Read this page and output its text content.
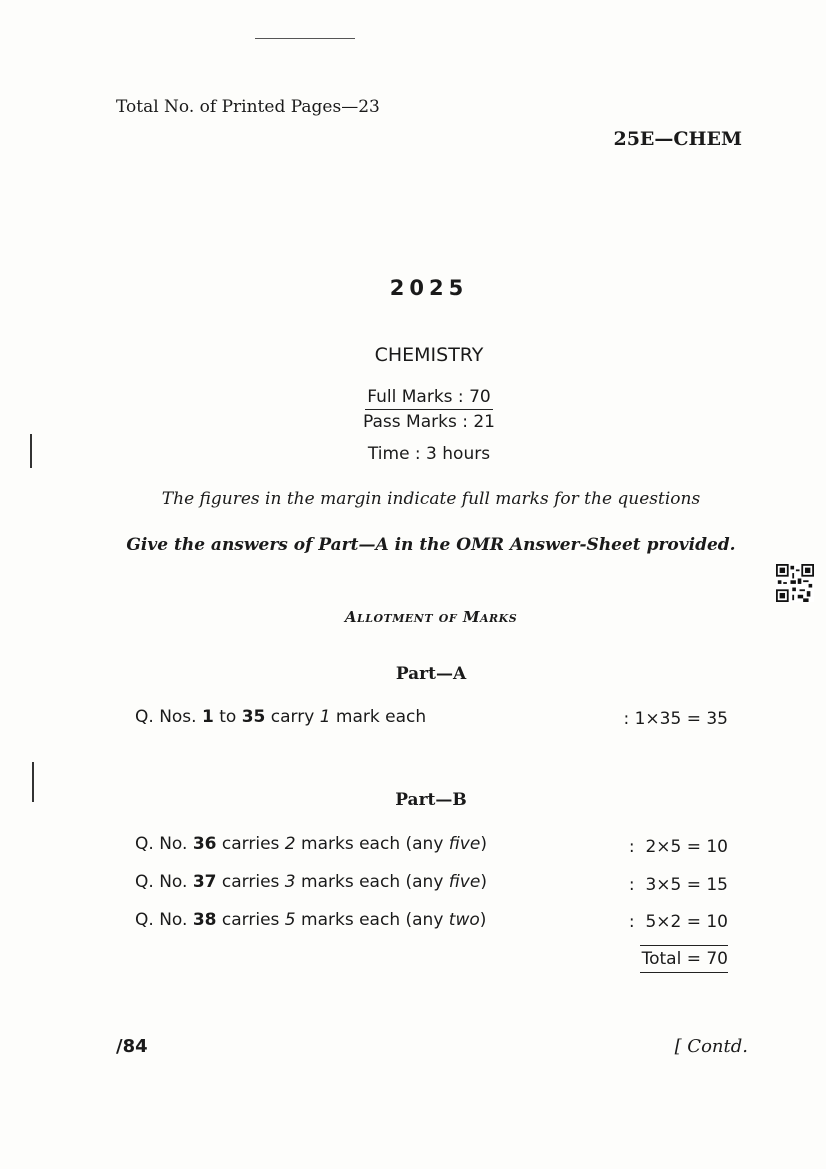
Total No. of Printed Pages—23
25E—CHEM
2025
CHEMISTRY
Full Marks : 70
Pass Marks : 21
Time : 3 hours
The figures in the margin indicate full marks for the questions
Give the answers of Part—A in the OMR Answer-Sheet provided.
Allotment of Marks
Part—A
Q. Nos. 1 to 35 carry 1 mark each	: 1×35 = 35
Part—B
Q. No. 36 carries 2 marks each (any five)	:  2×5 = 10
Q. No. 37 carries 3 marks each (any five)	:  3×5 = 15
Q. No. 38 carries 5 marks each (any two)	:  5×2 = 10
Total = 70
/84	[ Contd.
